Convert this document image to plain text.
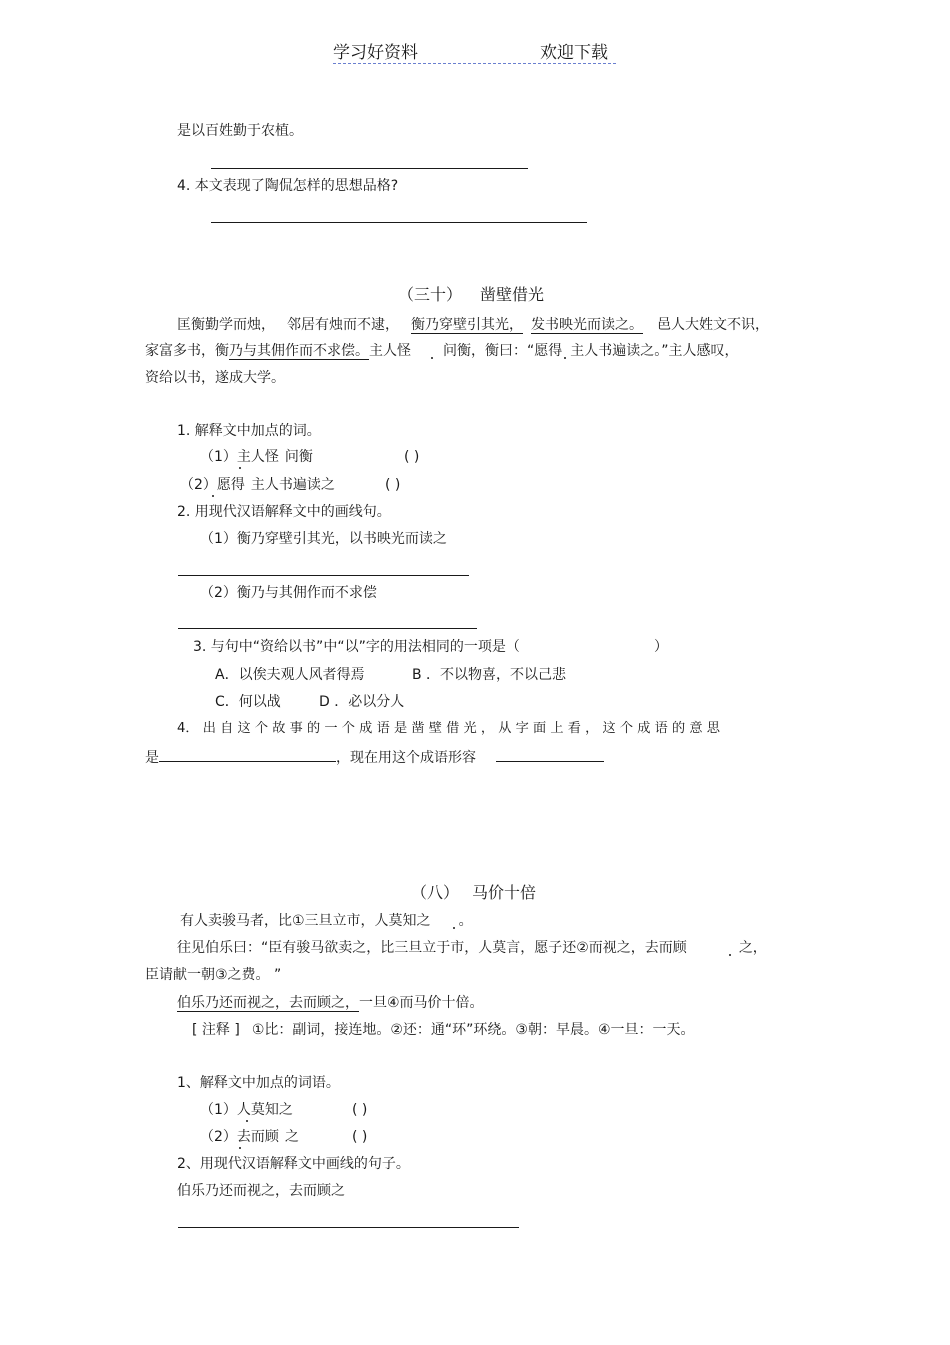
学习好资料	欢迎下载
是以百姓勤于农植。
4. 本文表现了陶侃怎样的思想品格?
（三十） 凿壁借光
匡衡勤学而烛， 邻居有烛而不逮， 衡乃穿壁引其光， 发书映光而读之。 邑人大姓文不识，
家富多书，衡乃与其佣作而不求偿。主人怪 问衡，衡曰：“愿得 主人书遍读之。”主人感叹，
资给以书，遂成大学。
1. 解释文中加点的词。
（1）主人怪 问衡	( )
（2）愿得 主人书遍读之	( )
2. 用现代汉语解释文中的画线句。
（1）衡乃穿壁引其光，以书映光而读之
（2）衡乃与其佣作而不求偿
3. 与句中“资给以书”中“以”字的用法相同的一项是（	）
A．以俟夫观人风者得焉	B ．不以物喜，不以己悲
C．何以战	D ．必以分人
4． 出 自 这 个 故 事 的 一 个 成 语 是 凿 壁 借 光 ， 从 字 面 上 看 ， 这 个 成 语 的 意 思
是	，现在用这个成语形容
（八） 马价十倍
有人卖骏马者，比①三旦立市，人莫知之 。
往见伯乐曰：“臣有骏马欲卖之，比三旦立于市，人莫言，愿子还②而视之，去而顾	之，
臣请献一朝③之费。 ”
伯乐乃还而视之，去而顾之，一旦④而马价十倍。
[ 注释 ] ①比：副词，接连地。②还：通“环”环绕。③朝：早晨。④一旦：一天。
1、解释文中加点的词语。
（1）人莫知之	( )
（2）去而顾 之	( )
2、用现代汉语解释文中画线的句子。
伯乐乃还而视之，去而顾之
